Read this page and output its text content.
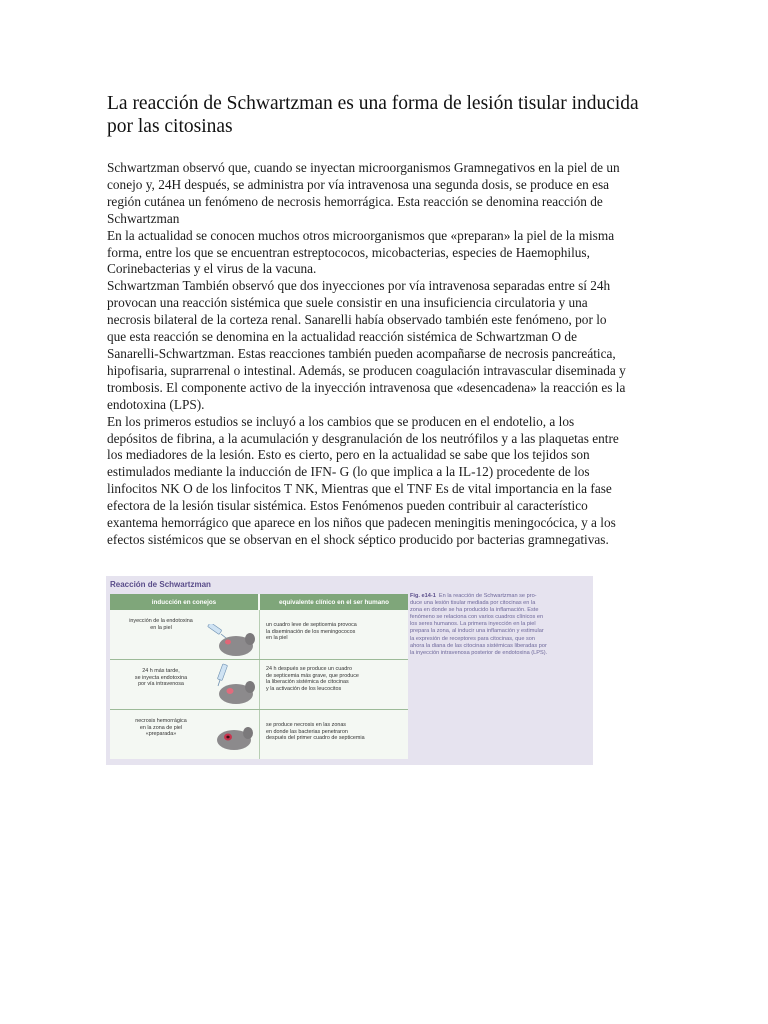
La reacción de Schwartzman es una forma de lesión tisular inducida
por las citosinas

Schwartzman observó que, cuando se inyectan microorganismos Gramnegativos en la piel de un

conejo y, 24H después, se administra por vía intravenosa una segunda dosis, se produce en esa

región cutánea un fenómeno de necrosis hemorrágica. Esta reacción se denomina reacción de

Schwartzman

En la actualidad se conocen muchos otros microorganismos que «preparan» la piel de la misma

forma, entre los que se encuentran estreptococos, micobacterias, especies de Haemophilus,

Corinebacterias y el virus de la vacuna.

Schwartzman También observó que dos inyecciones por vía intravenosa separadas entre sí 24h

provocan una reacción sistémica que suele consistir en una insuficiencia circulatoria y una

necrosis bilateral de la corteza renal. Sanarelli había observado también este fenómeno, por lo

que esta reacción se denomina en la actualidad reacción sistémica de Schwartzman O de

Sanarelli-Schwartzman. Estas reacciones también pueden acompañarse de necrosis pancreática,

hipofisaria, suprarrenal o intestinal. Además, se producen coagulación intravascular diseminada y

trombosis. El componente activo de la inyección intravenosa que «desencadena» la reacción es la

endotoxina (LPS).

En los primeros estudios se incluyó a los cambios que se producen en el endotelio, a los

depósitos de fibrina, a la acumulación y desgranulación de los neutrófilos y a las plaquetas entre

los mediadores de la lesión. Esto es cierto, pero en la actualidad se sabe que los tejidos son

estimulados mediante la inducción de IFN- G (lo que implica a la IL-12) procedente de los

linfocitos NK O de los linfocitos T NK, Mientras que el TNF Es de vital importancia en la fase

efectora de la lesión tisular sistémica. Estos Fenómenos pueden contribuir al característico

exantema hemorrágico que aparece en los niños que padecen meningitis meningocócica, y a los

efectos sistémicos que se observan en el shock séptico producido por bacterias gramnegativas.

Reacción de Schwartzman
inducción en conejos	equivalente clínico en el ser humano
inyección de la endotoxina
en la piel	un cuadro leve de septicemia provoca
la diseminación de los meningococos
en la piel
24 h más tarde,
se inyecta endotoxina
por vía intravenosa
24 h después se produce un cuadro
de septicemia más grave, que produce
la liberación sistémica de citocinas
y la activación de los leucocitos
necrosis hemorrágica
en la zona de piel
«preparada»
se produce necrosis en las zonas
en donde las bacterias penetraron
después del primer cuadro de septicemia
Fig. e14-1 En la reacción de Schwartzman se pro-
duce una lesión tisular mediada por citocinas en la
zona en donde se ha producido la inflamación. Este
fenómeno se relaciona con varios cuadros clínicos en
los seres humanos. La primera inyección en la piel
prepara la zona, al inducir una inflamación y estimular
la expresión de receptores para citocinas, que son
ahora la diana de las citocinas sistémicas liberadas por
la inyección intravenosa posterior de endotoxina (LPS).
